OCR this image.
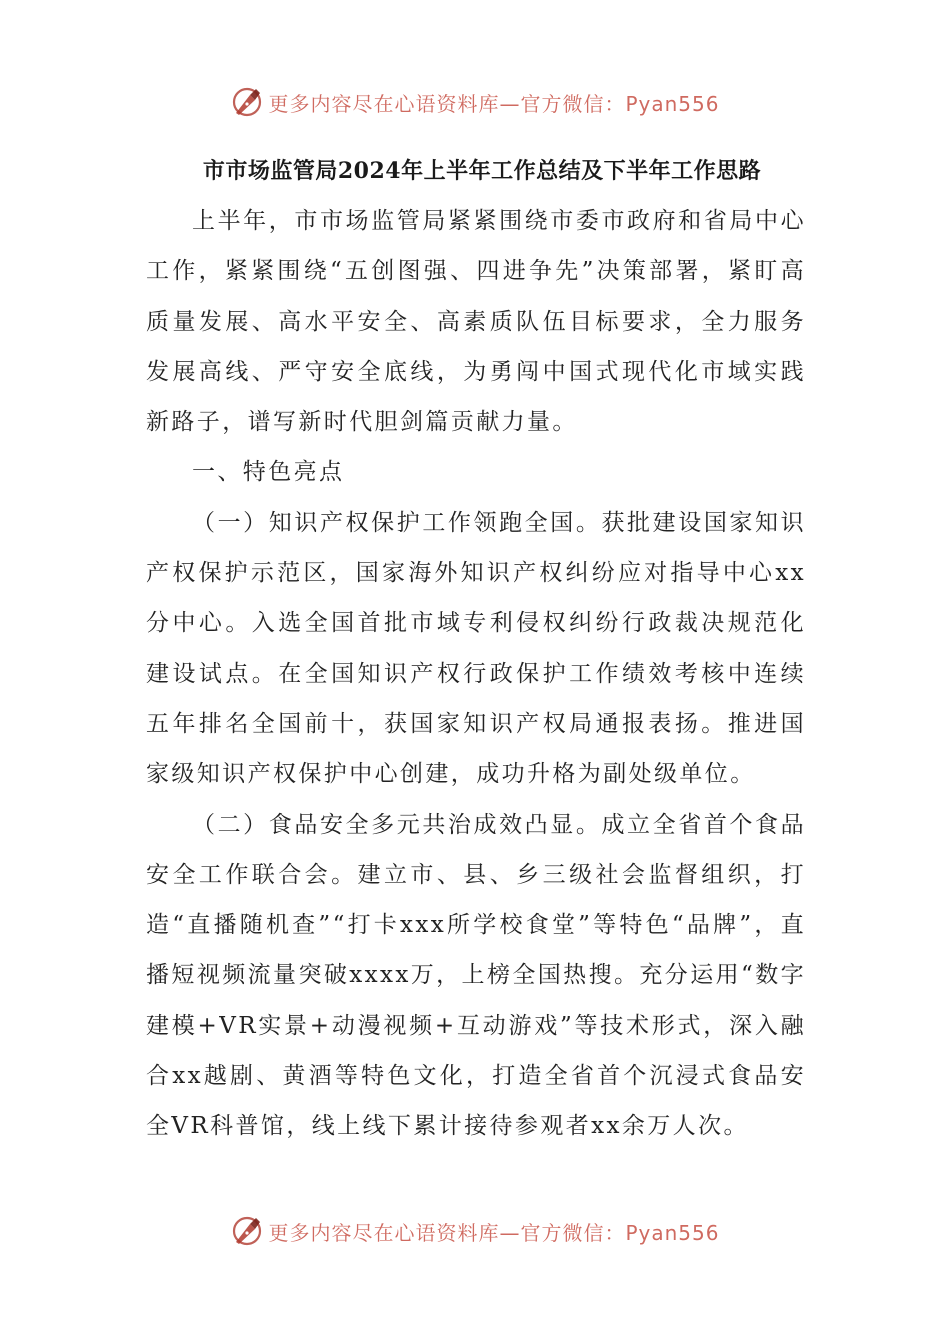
更多内容尽在心语资料库—官方微信：Pyan556
市市场监管局2024年上半年工作总结及下半年工作思路

上半年，市市场监管局紧紧围绕市委市政府和省局中心工作，紧紧围绕“五创图强、四进争先”决策部署，紧盯高质量发展、高水平安全、高素质队伍目标要求，全力服务发展高线、严守安全底线，为勇闯中国式现代化市域实践新路子，谱写新时代胆剑篇贡献力量。

一、特色亮点

（一）知识产权保护工作领跑全国。获批建设国家知识产权保护示范区，国家海外知识产权纠纷应对指导中心xx分中心。入选全国首批市域专利侵权纠纷行政裁决规范化建设试点。在全国知识产权行政保护工作绩效考核中连续五年排名全国前十，获国家知识产权局通报表扬。推进国家级知识产权保护中心创建，成功升格为副处级单位。

（二）食品安全多元共治成效凸显。成立全省首个食品安全工作联合会。建立市、县、乡三级社会监督组织，打造“直播随机查”“打卡xxx所学校食堂”等特色“品牌”，直播短视频流量突破xxxx万，上榜全国热搜。充分运用“数字建模+VR实景+动漫视频+互动游戏”等技术形式，深入融合xx越剧、黄酒等特色文化，打造全省首个沉浸式食品安全VR科普馆，线上线下累计接待参观者xx余万人次。

更多内容尽在心语资料库—官方微信：Pyan556
